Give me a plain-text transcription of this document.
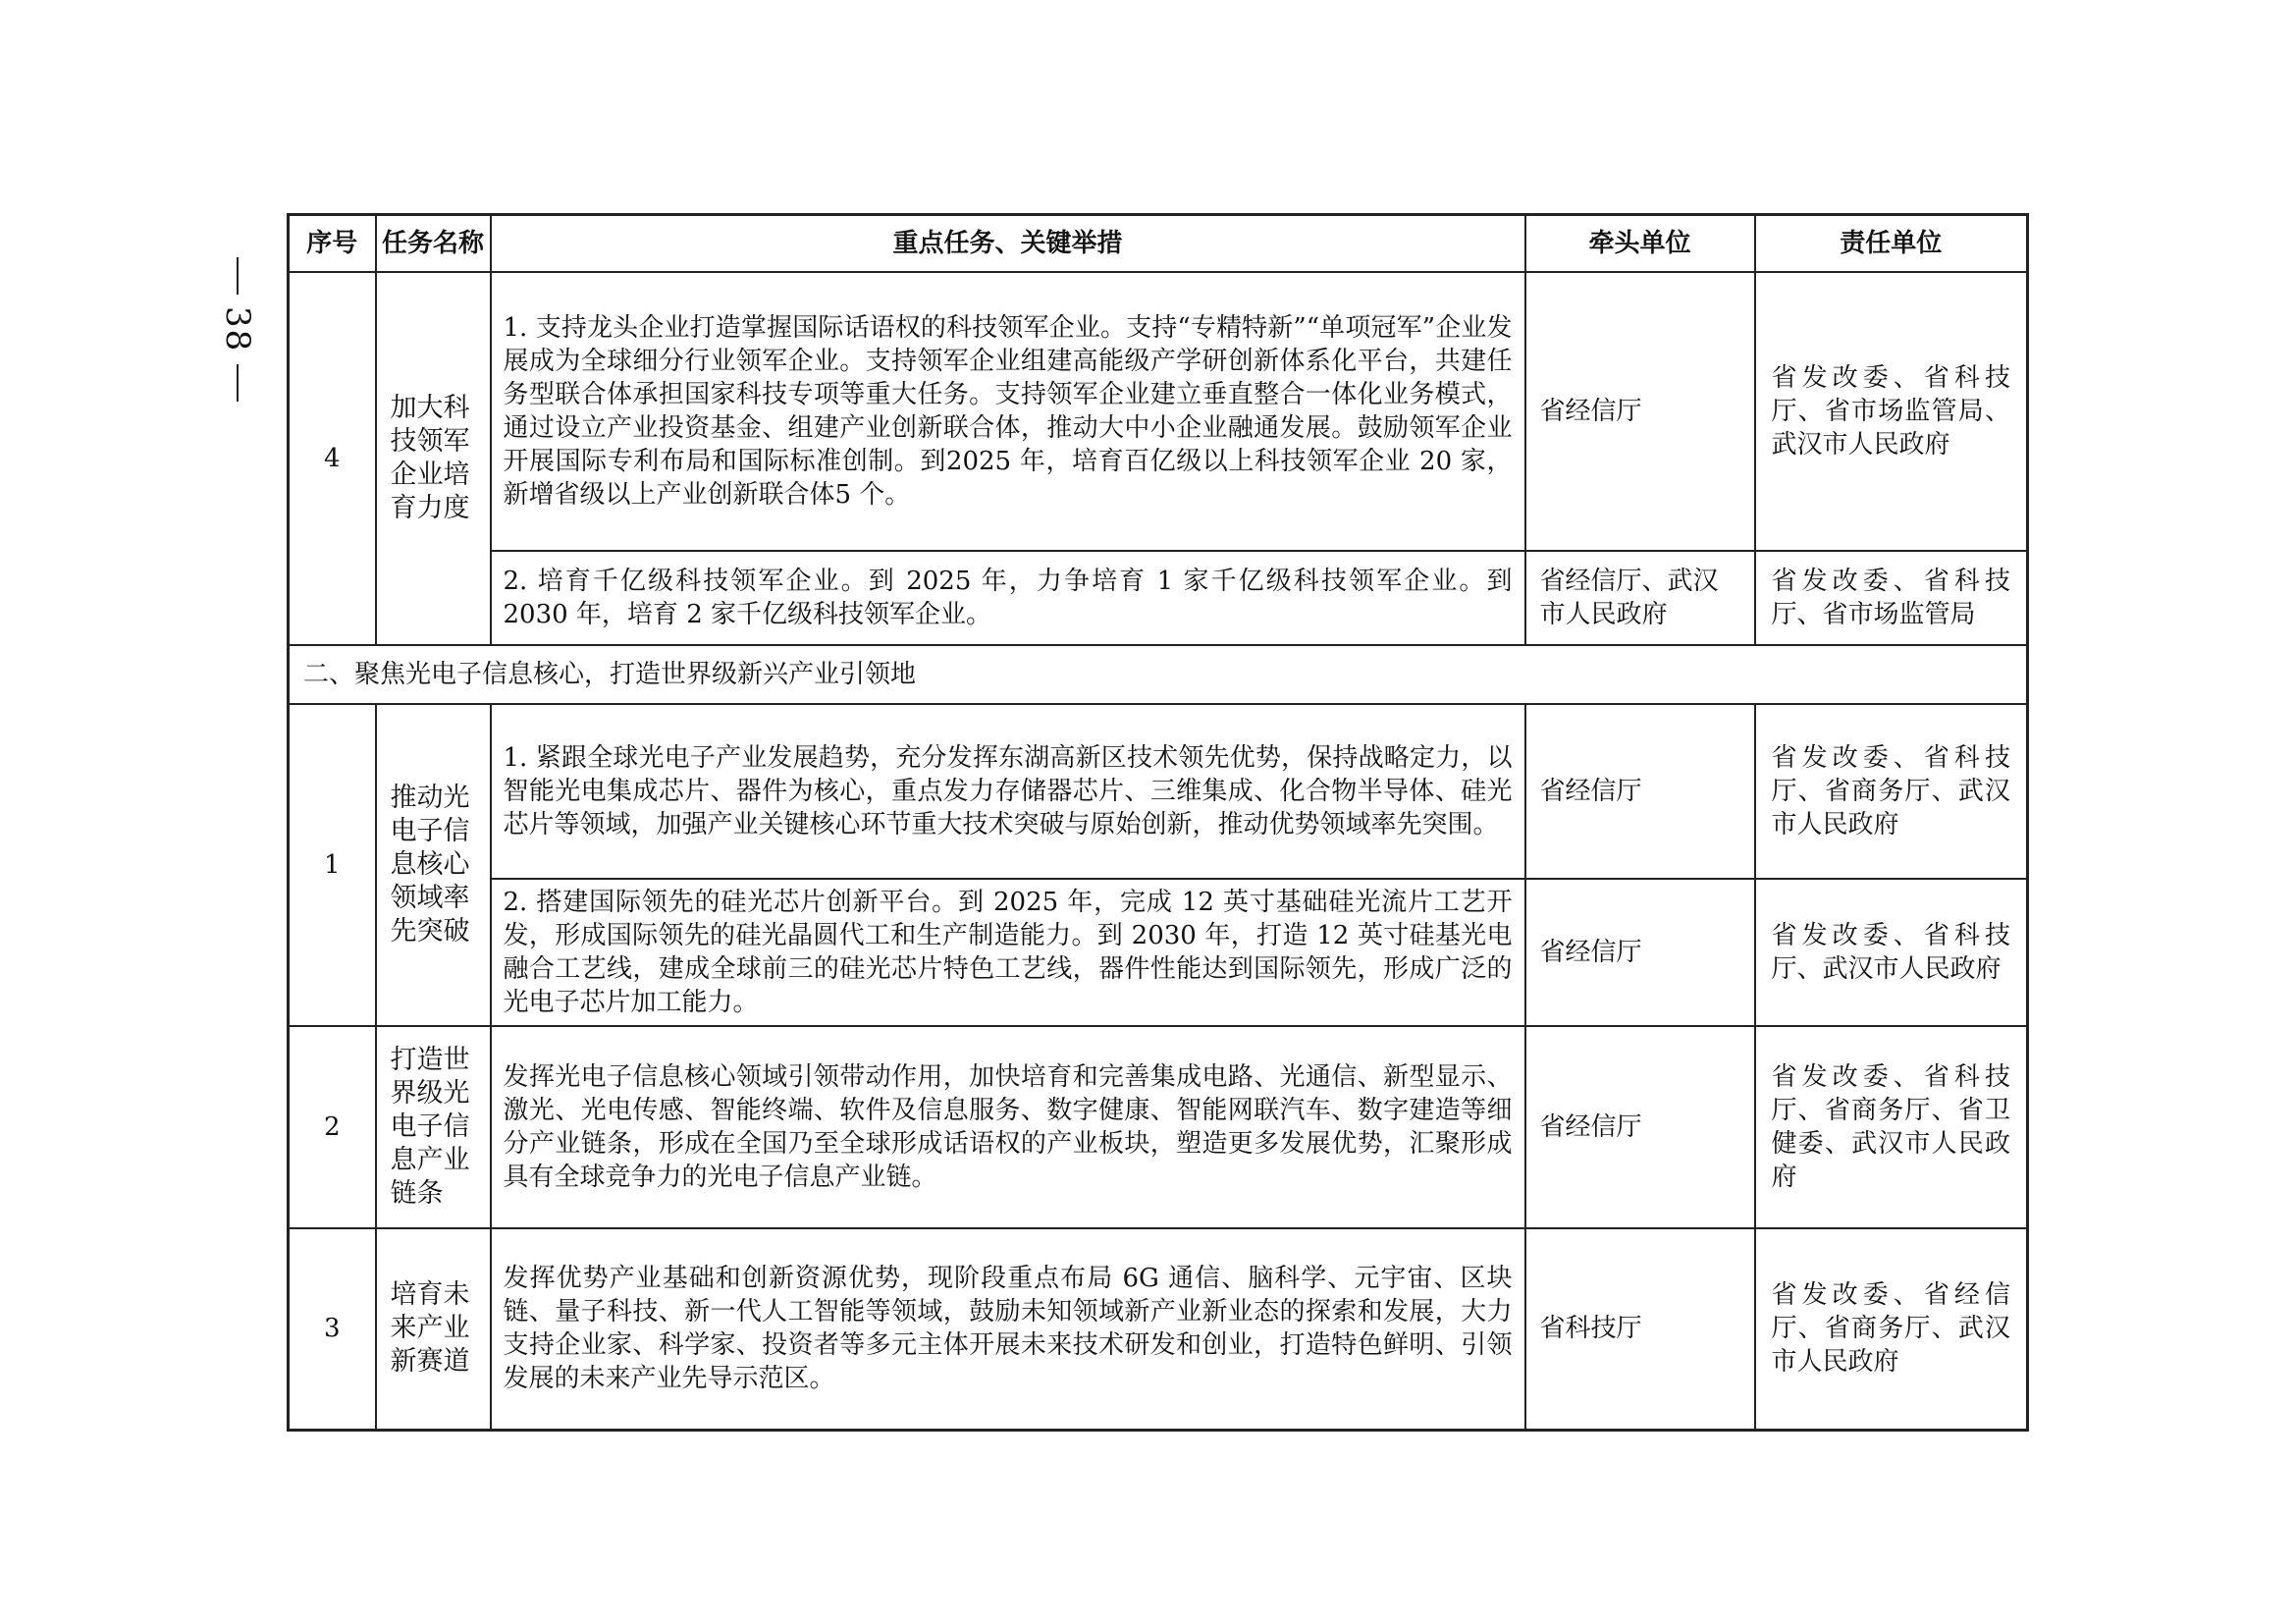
38
序号	任务名称	重点任务、关键举措	牵头单位	责任单位
4	加大科技领军企业培育力度	1. 支持龙头企业打造掌握国际话语权的科技领军企业。支持“专精特新”“单项冠军”企业发展成为全球细分行业领军企业。支持领军企业组建高能级产学研创新体系化平台，共建任务型联合体承担国家科技专项等重大任务。支持领军企业建立垂直整合一体化业务模式，通过设立产业投资基金、组建产业创新联合体，推动大中小企业融通发展。鼓励领军企业开展国际专利布局和国际标准创制。到2025 年，培育百亿级以上科技领军企业 20 家，新增省级以上产业创新联合体5 个。	省经信厅	省发改委、省科技厅、省市场监管局、武汉市人民政府
		2. 培育千亿级科技领军企业。到 2025 年，力争培育 1 家千亿级科技领军企业。到 2030 年，培育 2 家千亿级科技领军企业。	省经信厅、武汉市人民政府	省发改委、省科技厅、省市场监管局
二、聚焦光电子信息核心，打造世界级新兴产业引领地				
1	推动光电子信息核心领域率先突破	1. 紧跟全球光电子产业发展趋势，充分发挥东湖高新区技术领先优势，保持战略定力，以智能光电集成芯片、器件为核心，重点发力存储器芯片、三维集成、化合物半导体、硅光芯片等领域，加强产业关键核心环节重大技术突破与原始创新，推动优势领域率先突围。	省经信厅	省发改委、省科技厅、省商务厅、武汉市人民政府
		2. 搭建国际领先的硅光芯片创新平台。到 2025 年，完成 12 英寸基础硅光流片工艺开发，形成国际领先的硅光晶圆代工和生产制造能力。到 2030 年，打造 12 英寸硅基光电融合工艺线，建成全球前三的硅光芯片特色工艺线，器件性能达到国际领先，形成广泛的光电子芯片加工能力。	省经信厅	省发改委、省科技厅、武汉市人民政府
2	打造世界级光电子信息产业链条	发挥光电子信息核心领域引领带动作用，加快培育和完善集成电路、光通信、新型显示、激光、光电传感、智能终端、软件及信息服务、数字健康、智能网联汽车、数字建造等细分产业链条，形成在全国乃至全球形成话语权的产业板块，塑造更多发展优势，汇聚形成具有全球竞争力的光电子信息产业链。	省经信厅	省发改委、省科技厅、省商务厅、省卫健委、武汉市人民政府
3	培育未来产业新赛道	发挥优势产业基础和创新资源优势，现阶段重点布局 6G 通信、脑科学、元宇宙、区块链、量子科技、新一代人工智能等领域，鼓励未知领域新产业新业态的探索和发展，大力支持企业家、科学家、投资者等多元主体开展未来技术研发和创业，打造特色鲜明、引领发展的未来产业先导示范区。	省科技厅	省发改委、省经信厅、省商务厅、武汉市人民政府
